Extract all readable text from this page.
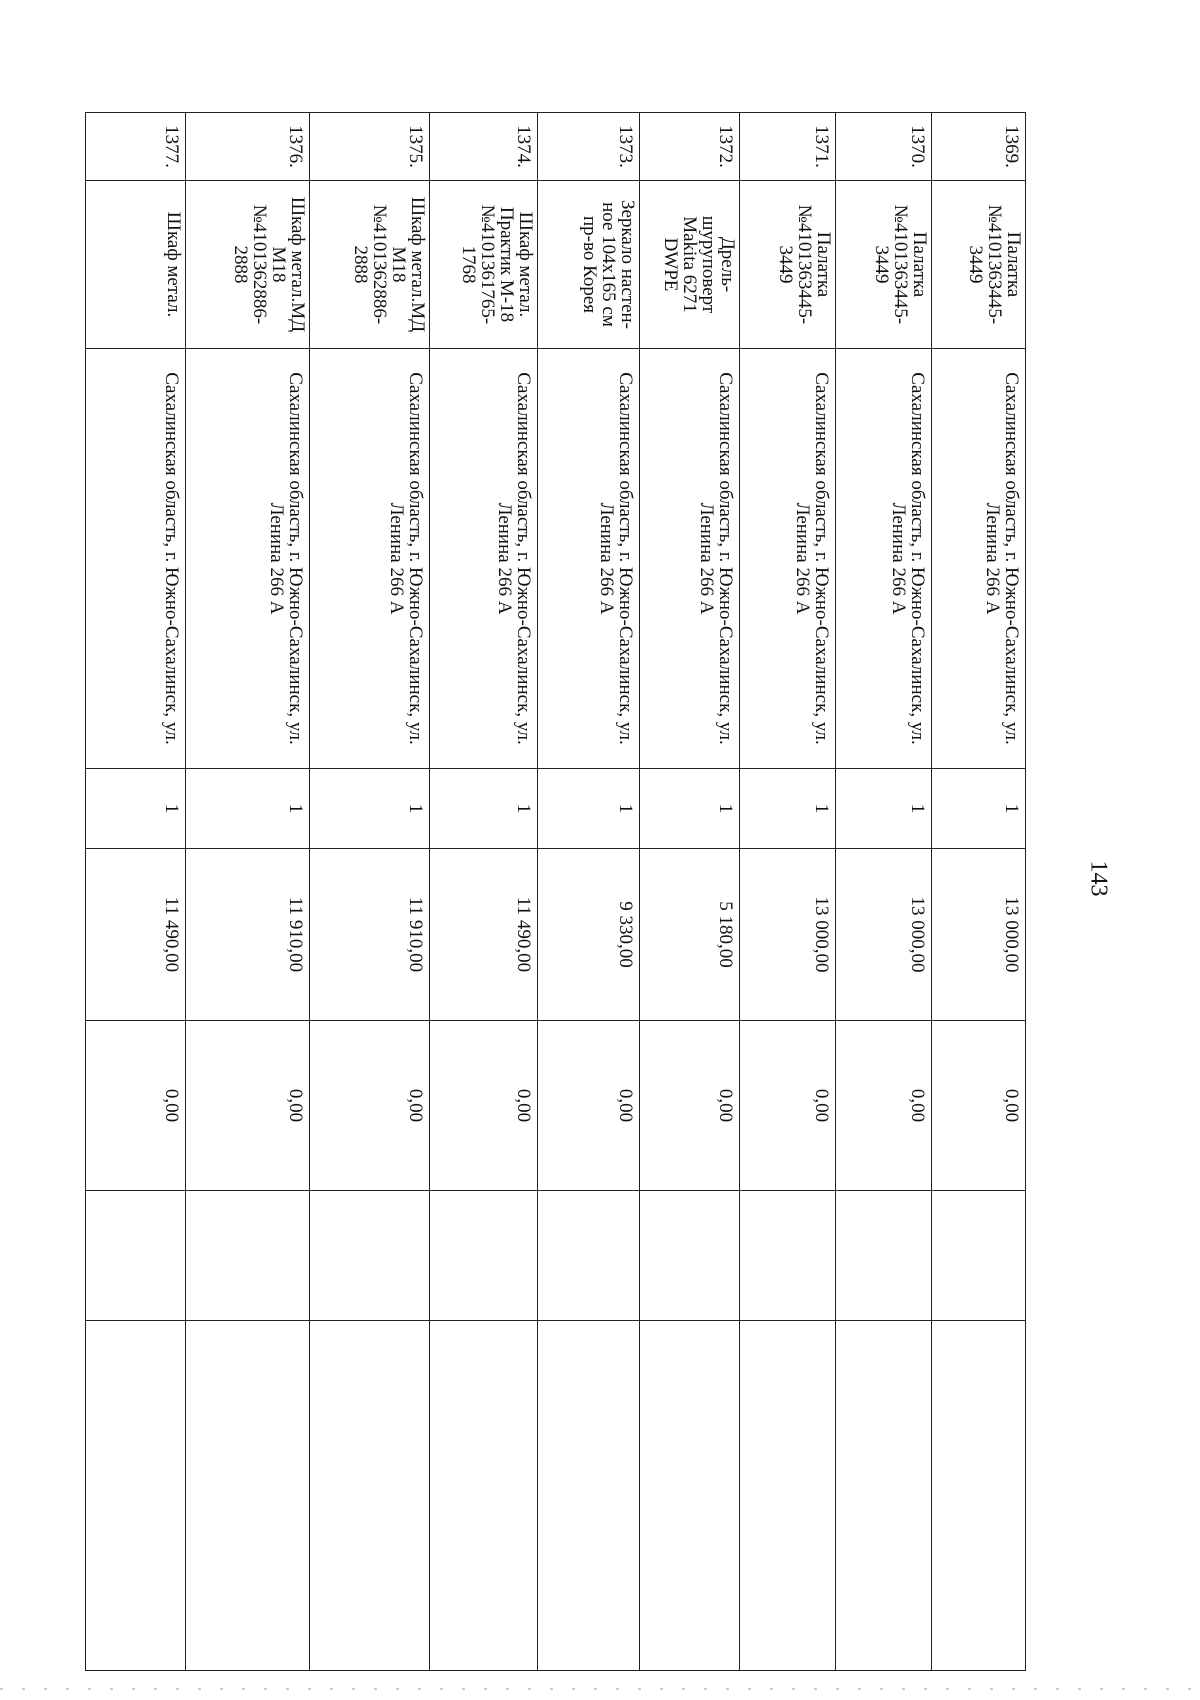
143
1369.	Палатка
№4101363445-
3449	Сахалинская область, г. Южно-Сахалинск, ул.
Ленина 266 А	1	13 000,00	0,00		
1370.	Палатка
№4101363445-
3449	Сахалинская область, г. Южно-Сахалинск, ул.
Ленина 266 А	1	13 000,00	0,00		
1371.	Палатка
№4101363445-
3449	Сахалинская область, г. Южно-Сахалинск, ул.
Ленина 266 А	1	13 000,00	0,00		
1372.	Дрель-
шуруповерт
Makita 6271
DWPE	Сахалинская область, г. Южно-Сахалинск, ул.
Ленина 266 А	1	5 180,00	0,00		
1373.	Зеркало настен-
ное 104х165 см
пр-во Корея	Сахалинская область, г. Южно-Сахалинск, ул.
Ленина 266 А	1	9 330,00	0,00		
1374.	Шкаф метал.
Практик М-18
№4101361765-
1768	Сахалинская область, г. Южно-Сахалинск, ул.
Ленина 266 А	1	11 490,00	0,00		
1375.	Шкаф метал.МД
М18
№4101362886-
2888	Сахалинская область, г. Южно-Сахалинск, ул.
Ленина 266 А	1	11 910,00	0,00		
1376.	Шкаф метал.МД
М18
№4101362886-
2888	Сахалинская область, г. Южно-Сахалинск, ул.
Ленина 266 А	1	11 910,00	0,00		
1377.	Шкаф метал.	Сахалинская область, г. Южно-Сахалинск, ул.	1	11 490,00	0,00		
